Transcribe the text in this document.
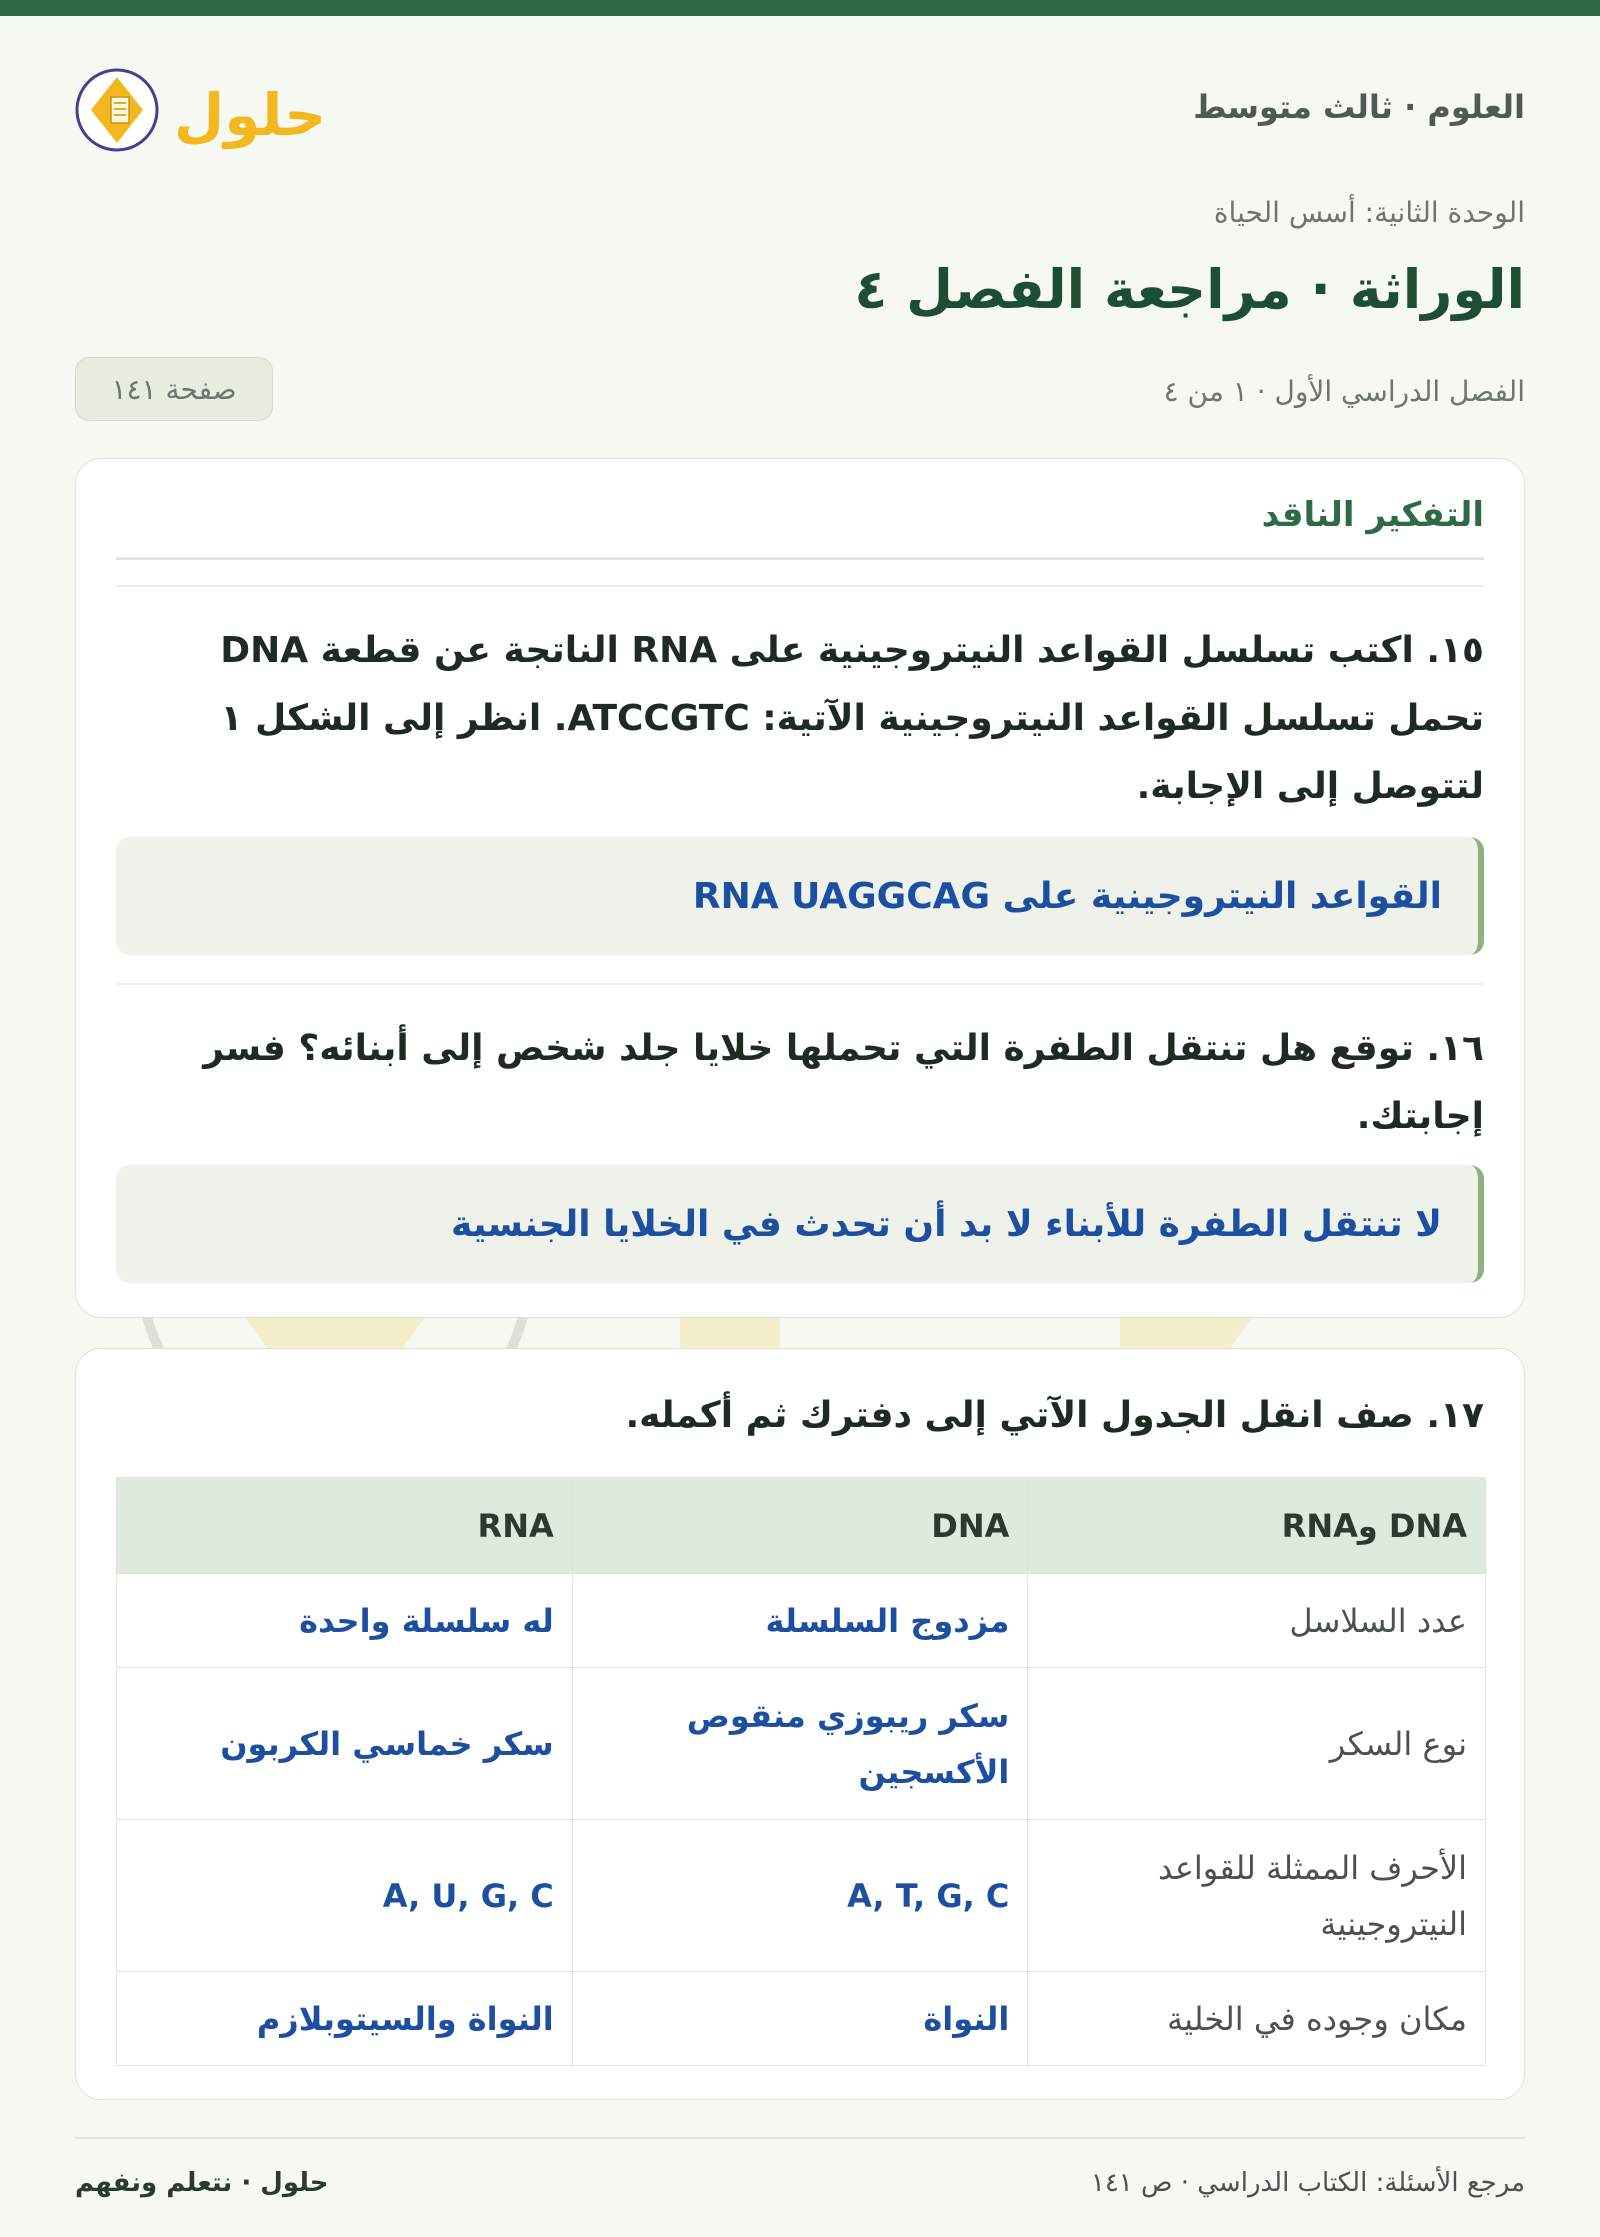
العلوم · ثالث متوسط
حلول
الوحدة الثانية: أسس الحياة
الوراثة · مراجعة الفصل ٤
الفصل الدراسي الأول · ١ من ٤
صفحة ١٤١
التفكير الناقد
١٥. اكتب تسلسل القواعد النيتروجينية على RNA الناتجة عن قطعة DNA تحمل تسلسل القواعد النيتروجينية الآتية: ATCCGTC. انظر إلى الشكل ١ لتتوصل إلى الإجابة.
القواعد النيتروجينية على RNA UAGGCAG
١٦. توقع هل تنتقل الطفرة التي تحملها خلايا جلد شخص إلى أبنائه؟ فسر إجابتك.
لا تنتقل الطفرة للأبناء لا بد أن تحدث في الخلايا الجنسية
١٧. صف انقل الجدول الآتي إلى دفترك ثم أكمله.
DNA وRNA	DNA	RNA
عدد السلاسل	مزدوج السلسلة	له سلسلة واحدة
نوع السكر	سكر ريبوزي منقوص الأكسجين	سكر خماسي الكربون
الأحرف الممثلة للقواعد النيتروجينية	A, T, G, C	A, U, G, C
مكان وجوده في الخلية	النواة	النواة والسيتوبلازم
مرجع الأسئلة: الكتاب الدراسي · ص ١٤١
حلول · نتعلم ونفهم
